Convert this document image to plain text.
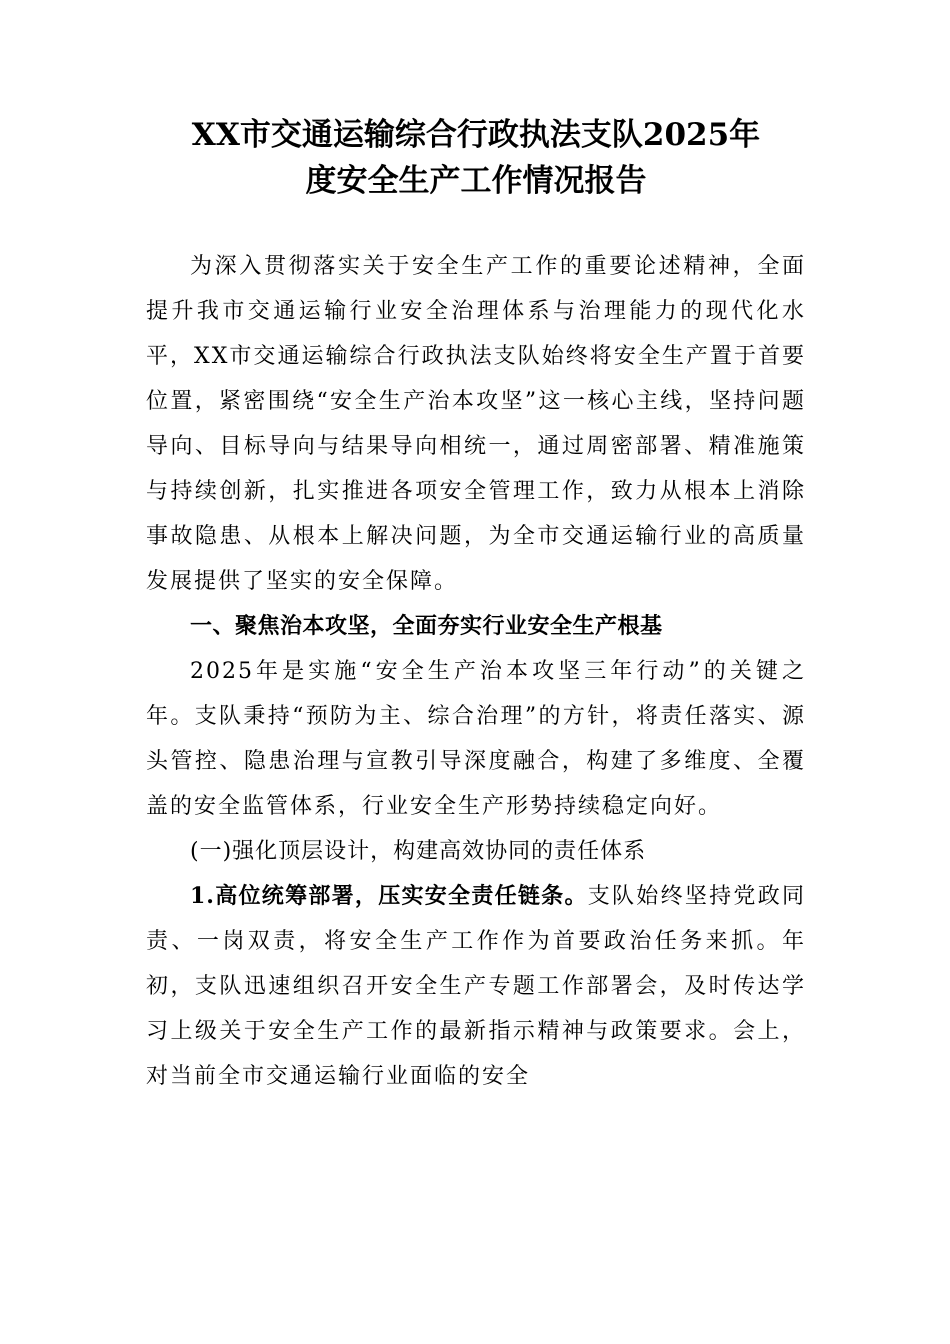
XX市交通运输综合行政执法支队2025年
度安全生产工作情况报告

为深入贯彻落实关于安全生产工作的重要论述精神，全面提升我市交通运输行业安全治理体系与治理能力的现代化水平，XX市交通运输综合行政执法支队始终将安全生产置于首要位置，紧密围绕“安全生产治本攻坚”这一核心主线，坚持问题导向、目标导向与结果导向相统一，通过周密部署、精准施策与持续创新，扎实推进各项安全管理工作，致力从根本上消除事故隐患、从根本上解决问题，为全市交通运输行业的高质量发展提供了坚实的安全保障。

一、聚焦治本攻坚，全面夯实行业安全生产根基

2025年是实施“安全生产治本攻坚三年行动”的关键之年。支队秉持“预防为主、综合治理”的方针，将责任落实、源头管控、隐患治理与宣教引导深度融合，构建了多维度、全覆盖的安全监管体系，行业安全生产形势持续稳定向好。

(一)强化顶层设计，构建高效协同的责任体系

1.高位统筹部署，压实安全责任链条。支队始终坚持党政同责、一岗双责，将安全生产工作作为首要政治任务来抓。年初，支队迅速组织召开安全生产专题工作部署会，及时传达学习上级关于安全生产工作的最新指示精神与政策要求。会上，对当前全市交通运输行业面临的安全
